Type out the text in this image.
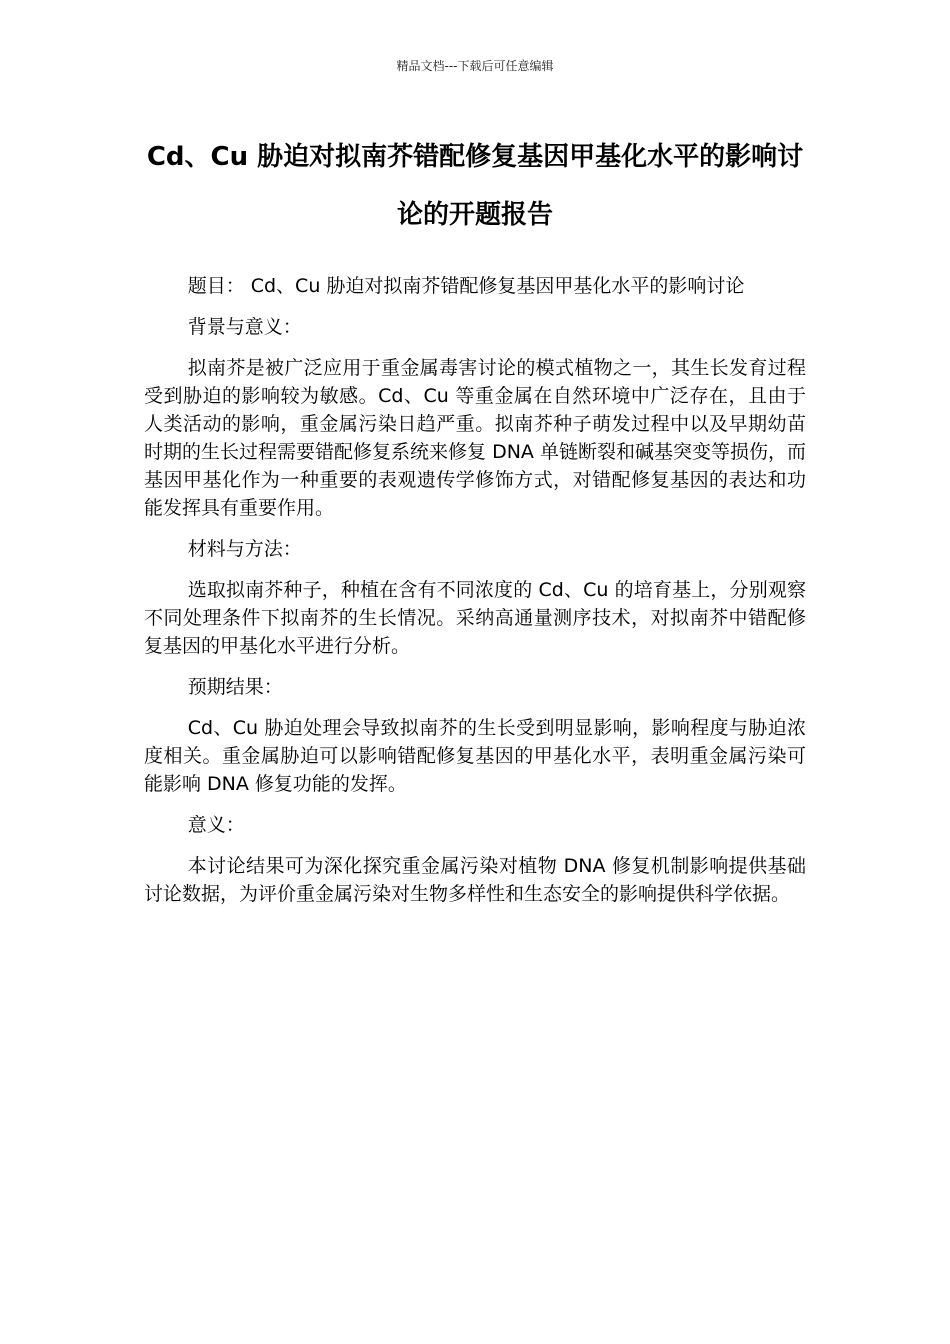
精品文档---下载后可任意编辑
Cd、Cu 胁迫对拟南芥错配修复基因甲基化水平的影响讨论的开题报告

题目： Cd、Cu 胁迫对拟南芥错配修复基因甲基化水平的影响讨论

背景与意义：

拟南芥是被广泛应用于重金属毒害讨论的模式植物之一，其生长发育过程受到胁迫的影响较为敏感。Cd、Cu 等重金属在自然环境中广泛存在，且由于人类活动的影响，重金属污染日趋严重。拟南芥种子萌发过程中以及早期幼苗时期的生长过程需要错配修复系统来修复 DNA 单链断裂和碱基突变等损伤，而基因甲基化作为一种重要的表观遗传学修饰方式，对错配修复基因的表达和功能发挥具有重要作用。

材料与方法：

选取拟南芥种子，种植在含有不同浓度的 Cd、Cu 的培育基上，分别观察不同处理条件下拟南芥的生长情况。采纳高通量测序技术，对拟南芥中错配修复基因的甲基化水平进行分析。

预期结果：

Cd、Cu 胁迫处理会导致拟南芥的生长受到明显影响，影响程度与胁迫浓度相关。重金属胁迫可以影响错配修复基因的甲基化水平，表明重金属污染可能影响 DNA 修复功能的发挥。

意义：

本讨论结果可为深化探究重金属污染对植物 DNA 修复机制影响提供基础讨论数据，为评价重金属污染对生物多样性和生态安全的影响提供科学依据。
